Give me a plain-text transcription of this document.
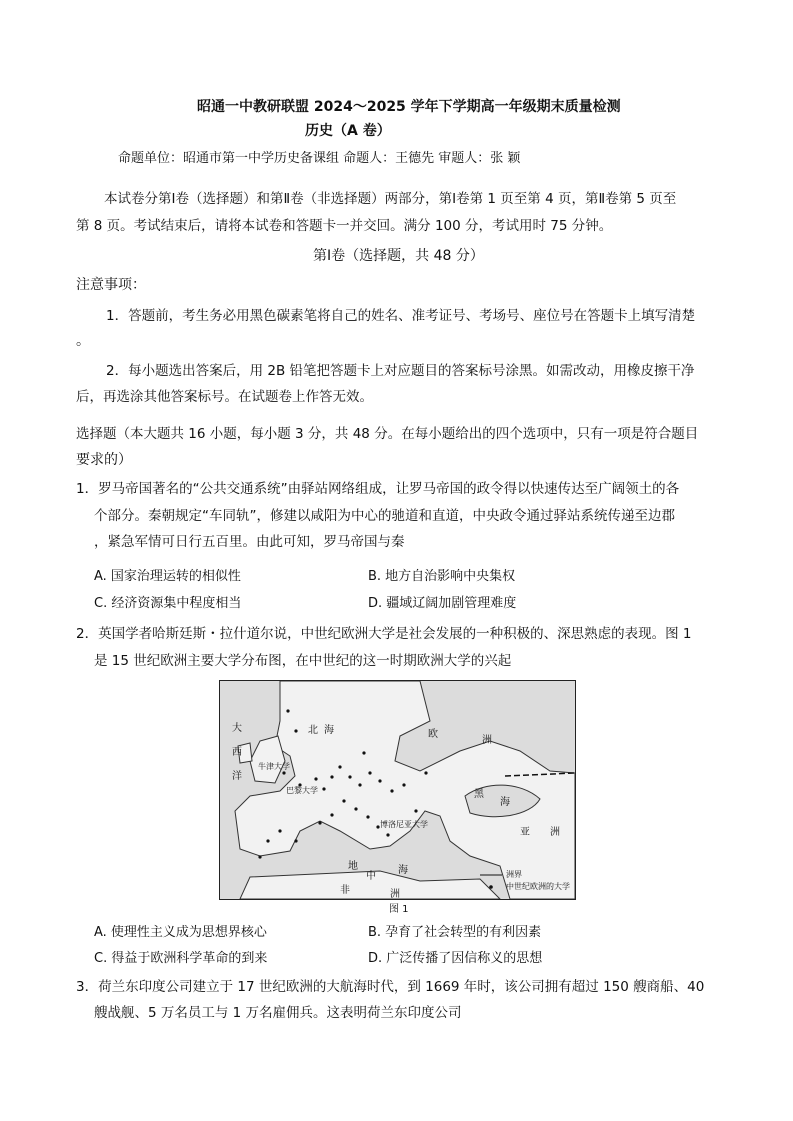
昭通一中教研联盟 2024～2025 学年下学期高一年级期末质量检测
历史（A 卷）
命题单位：昭通市第一中学历史备课组 命题人：王德先 审题人：张 颖
本试卷分第Ⅰ卷（选择题）和第Ⅱ卷（非选择题）两部分，第Ⅰ卷第 1 页至第 4 页，第Ⅱ卷第 5 页至
第 8 页。考试结束后，请将本试卷和答题卡一并交回。满分 100 分，考试用时 75 分钟。
第Ⅰ卷（选择题，共 48 分）
注意事项：
1．答题前，考生务必用黑色碳素笔将自己的姓名、准考证号、考场号、座位号在答题卡上填写清楚
。
2．每小题选出答案后，用 2B 铅笔把答题卡上对应题目的答案标号涂黑。如需改动，用橡皮擦干净
后，再选涂其他答案标号。在试题卷上作答无效。
选择题（本大题共 16 小题，每小题 3 分，共 48 分。在每小题给出的四个选项中，只有一项是符合题目
要求的）
1．罗马帝国著名的“公共交通系统”由驿站网络组成，让罗马帝国的政令得以快速传达至广阔领土的各
个部分。秦朝规定“车同轨”，修建以咸阳为中心的驰道和直道，中央政令通过驿站系统传递至边郡
，紧急军情可日行五百里。由此可知，罗马帝国与秦
A. 国家治理运转的相似性	B. 地方自治影响中央集权
C. 经济资源集中程度相当	D. 疆域辽阔加剧管理难度
2．英国学者哈斯廷斯・拉什道尔说，中世纪欧洲大学是社会发展的一种积极的、深思熟虑的表现。图 1
是 15 世纪欧洲主要大学分布图，在中世纪的这一时期欧洲大学的兴起
大
西
洋
北 海	欧
洲
黑
海
亚 洲
非	洲
地
中
海
牛津大学
巴黎大学
博洛尼亚大学
洲界
中世纪欧洲的大学
图 1
A. 使理性主义成为思想界核心	B. 孕育了社会转型的有利因素
C. 得益于欧洲科学革命的到来	D. 广泛传播了因信称义的思想
3．荷兰东印度公司建立于 17 世纪欧洲的大航海时代，到 1669 年时，该公司拥有超过 150 艘商船、40
艘战舰、5 万名员工与 1 万名雇佣兵。这表明荷兰东印度公司
